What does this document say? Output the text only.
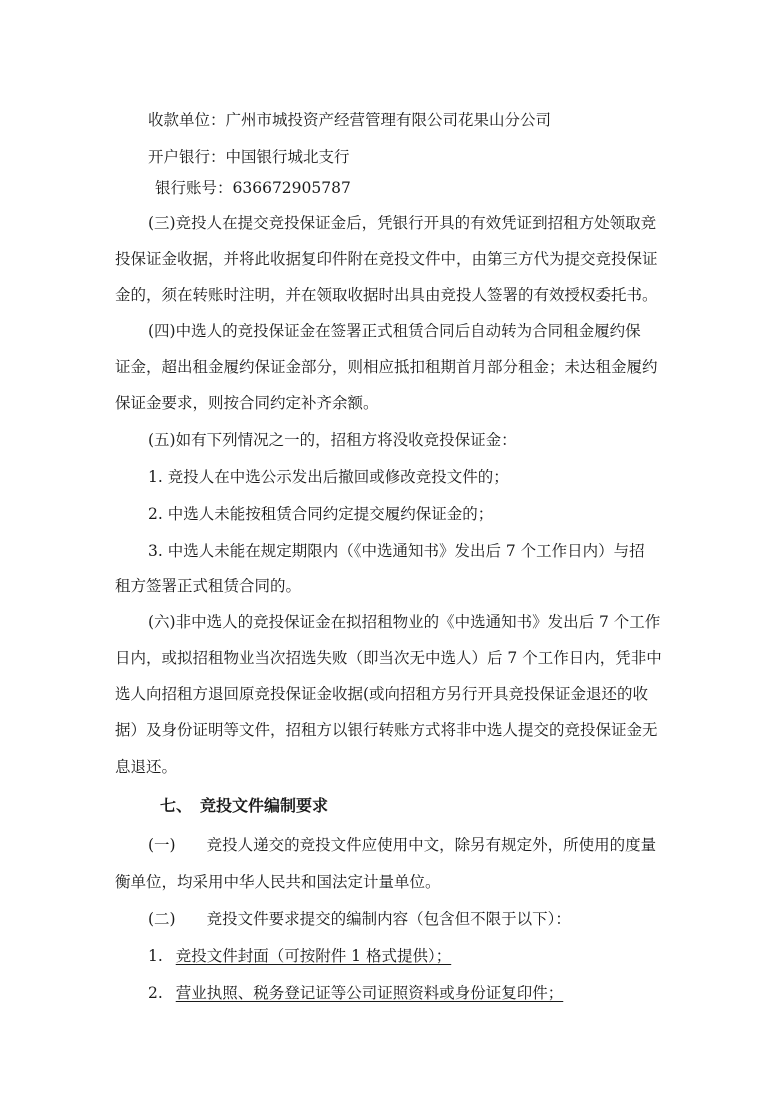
收款单位：广州市城投资产经营管理有限公司花果山分公司
开户银行：中国银行城北支行
银行账号：636672905787
(三)竞投人在提交竞投保证金后，凭银行开具的有效凭证到招租方处领取竞
投保证金收据，并将此收据复印件附在竞投文件中，由第三方代为提交竞投保证
金的，须在转账时注明，并在领取收据时出具由竞投人签署的有效授权委托书。
(四)中选人的竞投保证金在签署正式租赁合同后自动转为合同租金履约保
证金，超出租金履约保证金部分，则相应抵扣租期首月部分租金；未达租金履约
保证金要求，则按合同约定补齐余额。
(五)如有下列情况之一的，招租方将没收竞投保证金：
1. 竞投人在中选公示发出后撤回或修改竞投文件的；
2. 中选人未能按租赁合同约定提交履约保证金的；
3. 中选人未能在规定期限内（《中选通知书》发出后 7 个工作日内）与招
租方签署正式租赁合同的。
(六)非中选人的竞投保证金在拟招租物业的《中选通知书》发出后 7 个工作
日内，或拟招租物业当次招选失败（即当次无中选人）后 7 个工作日内，凭非中
选人向招租方退回原竞投保证金收据(或向招租方另行开具竞投保证金退还的收
据）及身份证明等文件，招租方以银行转账方式将非中选人提交的竞投保证金无
息退还。
七、　竞投文件编制要求
(一)　　竞投人递交的竞投文件应使用中文，除另有规定外，所使用的度量
衡单位，均采用中华人民共和国法定计量单位。
(二)　　竞投文件要求提交的编制内容（包含但不限于以下）：
1. 竞投文件封面（可按附件 1 格式提供）；
2. 营业执照、税务登记证等公司证照资料或身份证复印件；
